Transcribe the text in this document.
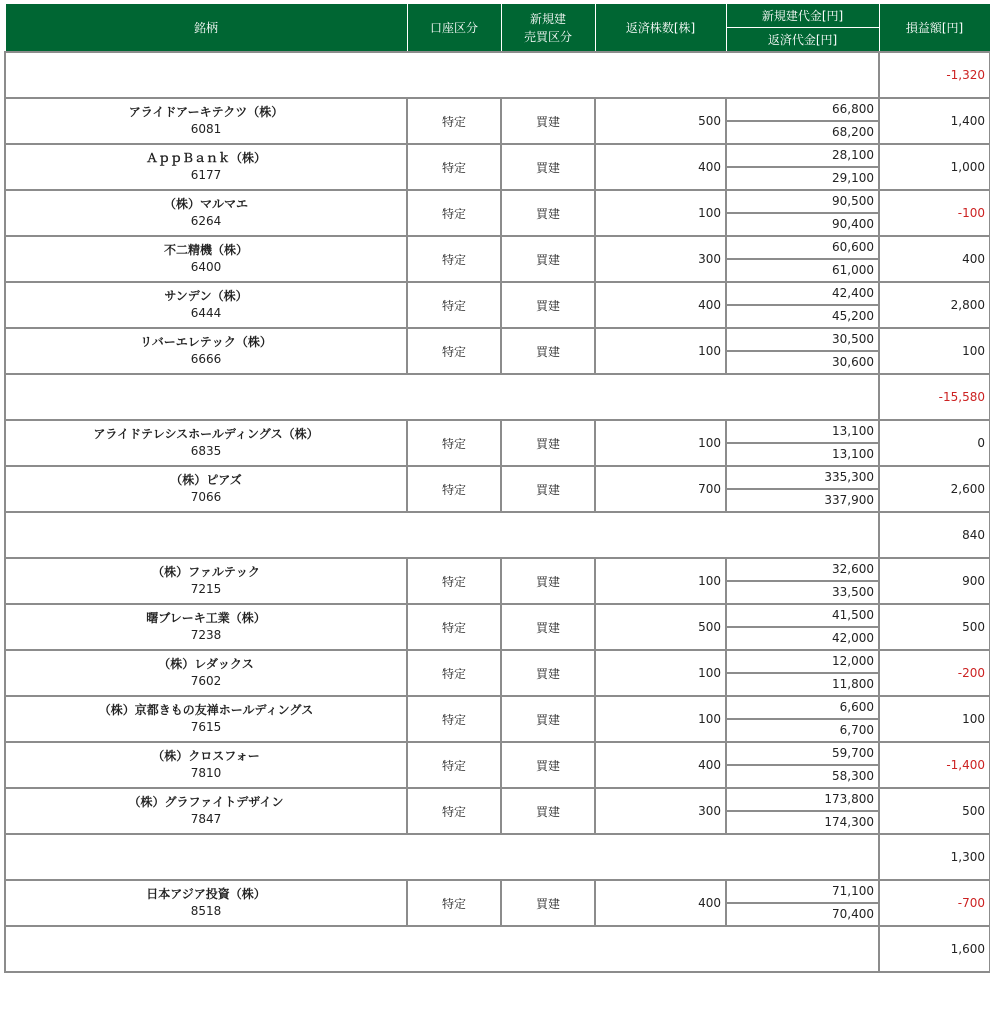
銘柄	口座区分	新規建
売買区分	返済株数[株]	新規建代金[円]	損益額[円]
				返済代金[円]	
					-1,320

アライドアーキテクツ（株）
6081	特定	買建	500	66,800	1,400
				68,200	

ＡｐｐＢａｎｋ（株）
6177	特定	買建	400	28,100	1,000
				29,100	

（株）マルマエ
6264	特定	買建	100	90,500	-100
				90,400	

不二精機（株）
6400	特定	買建	300	60,600	400
				61,000	

サンデン（株）
6444	特定	買建	400	42,400	2,800
				45,200	

リバーエレテック（株）
6666	特定	買建	100	30,500	100
				30,600	
					-15,580

アライドテレシスホールディングス（株）
6835	特定	買建	100	13,100	0
				13,100	

（株）ピアズ
7066	特定	買建	700	335,300	2,600
				337,900	
					840

（株）ファルテック
7215	特定	買建	100	32,600	900
				33,500	

曙ブレーキ工業（株）
7238	特定	買建	500	41,500	500
				42,000	

（株）レダックス
7602	特定	買建	100	12,000	-200
				11,800	

（株）京都きもの友禅ホールディングス
7615	特定	買建	100	6,600	100
				6,700	

（株）クロスフォー
7810	特定	買建	400	59,700	-1,400
				58,300	

（株）グラファイトデザイン
7847	特定	買建	300	173,800	500
				174,300	
					1,300

日本アジア投資（株）
8518	特定	買建	400	71,100	-700
				70,400	
					1,600
